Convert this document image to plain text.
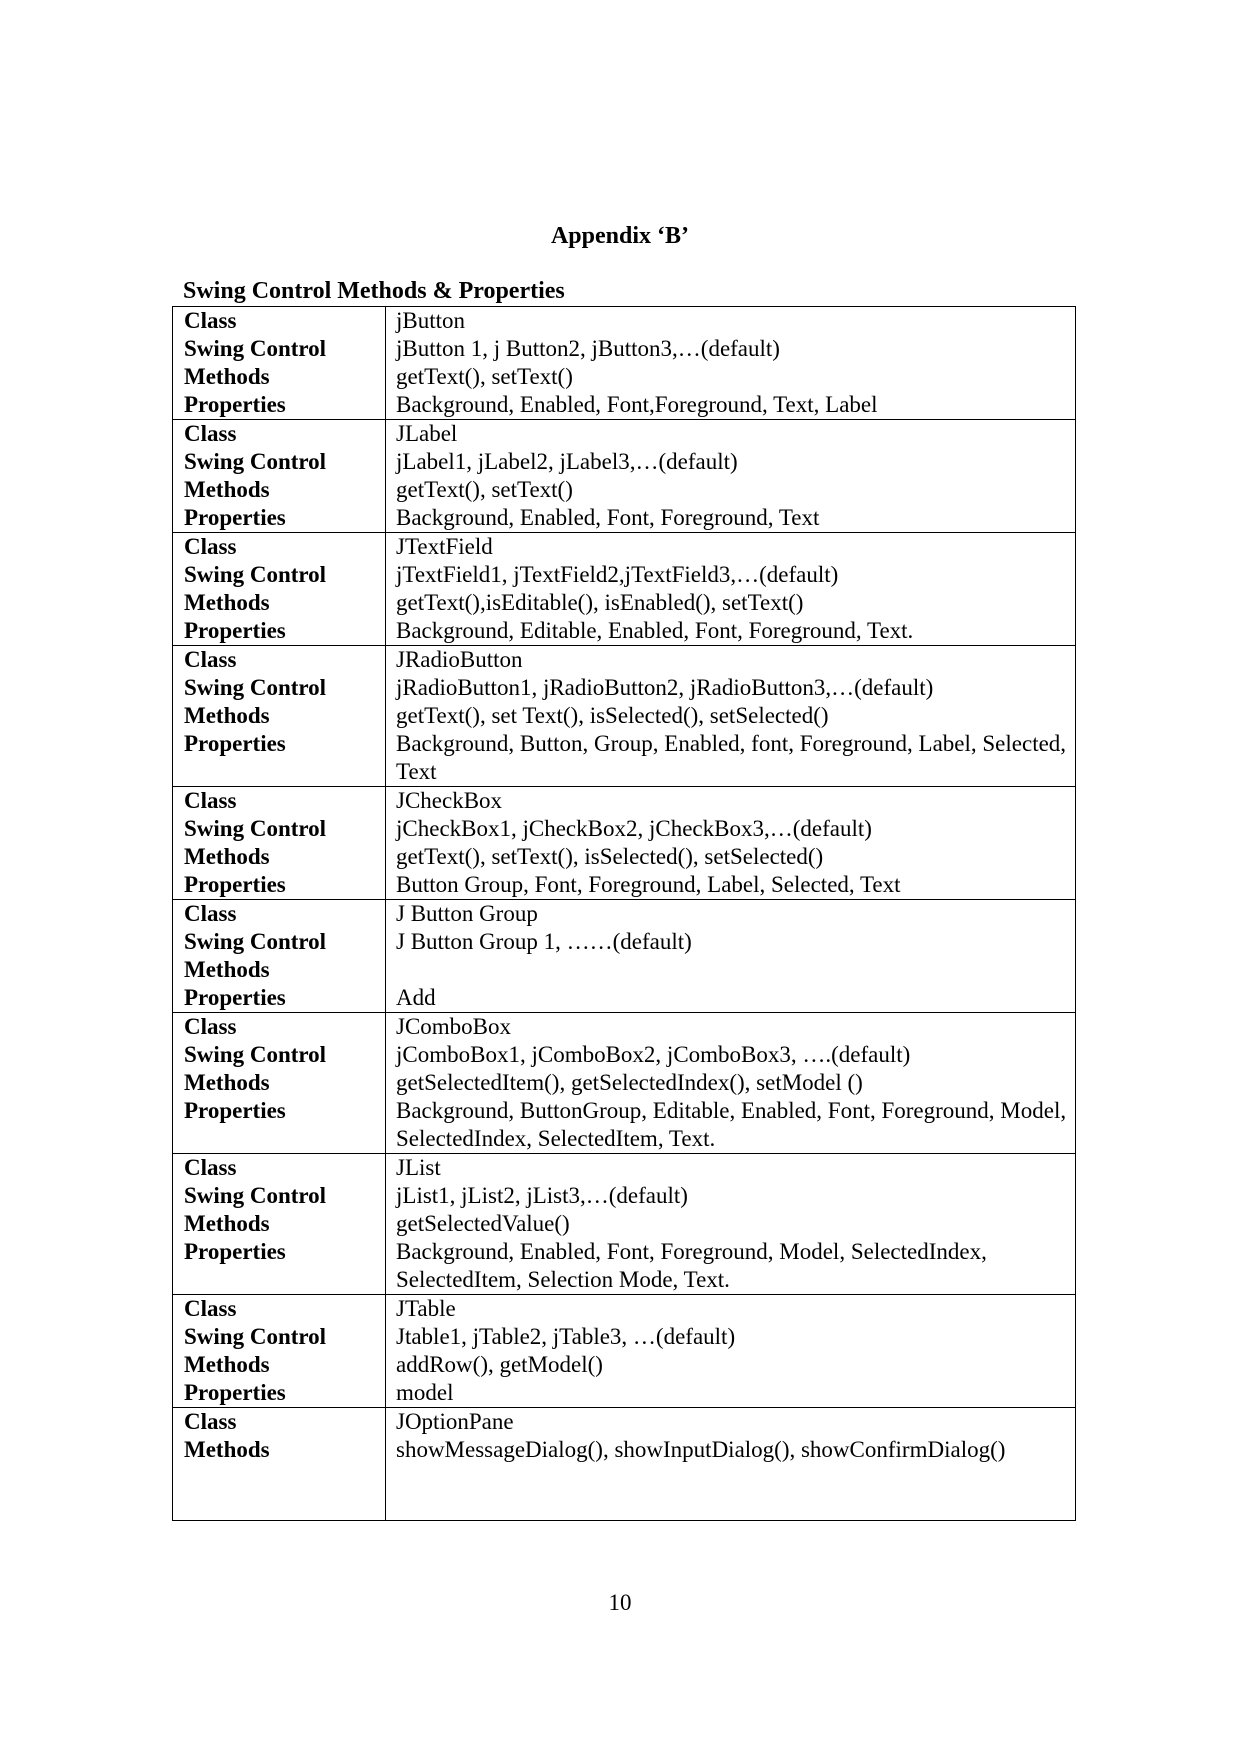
Appendix ‘B’
Swing Control Methods & Properties
Class
Swing Control
Methods
Properties
jButton
jButton 1, j Button2, jButton3,…(default)
getText(), setText()
Background, Enabled, Font,Foreground, Text, Label
Class
Swing Control
Methods
Properties
JLabel
jLabel1, jLabel2, jLabel3,…(default)
getText(), setText()
Background, Enabled, Font, Foreground, Text
Class
Swing Control
Methods
Properties
JTextField
jTextField1, jTextField2,jTextField3,…(default)
getText(),isEditable(), isEnabled(), setText()
Background, Editable, Enabled, Font, Foreground, Text.
Class
Swing Control
Methods
Properties
JRadioButton
jRadioButton1, jRadioButton2, jRadioButton3,…(default)
getText(), set Text(), isSelected(), setSelected()
Background, Button, Group, Enabled, font, Foreground, Label, Selected, Text
Class
Swing Control
Methods
Properties
JCheckBox
jCheckBox1, jCheckBox2, jCheckBox3,…(default)
getText(), setText(), isSelected(), setSelected()
Button Group, Font, Foreground, Label, Selected, Text
Class
Swing Control
Methods
Properties
J Button Group
J Button Group 1, ……(default)
Add
Class
Swing Control
Methods
Properties
JComboBox
jComboBox1, jComboBox2, jComboBox3, ….(default)
getSelectedItem(), getSelectedIndex(), setModel ()
Background, ButtonGroup, Editable, Enabled, Font, Foreground, Model, SelectedIndex, SelectedItem, Text.
Class
Swing Control
Methods
Properties
JList
jList1, jList2, jList3,…(default)
getSelectedValue()
Background, Enabled, Font, Foreground, Model, SelectedIndex, SelectedItem, Selection Mode, Text.
Class
Swing Control
Methods
Properties
JTable
Jtable1, jTable2, jTable3, …(default)
addRow(), getModel()
model
Class
Methods
JOptionPane
showMessageDialog(), showInputDialog(), showConfirmDialog()
10
